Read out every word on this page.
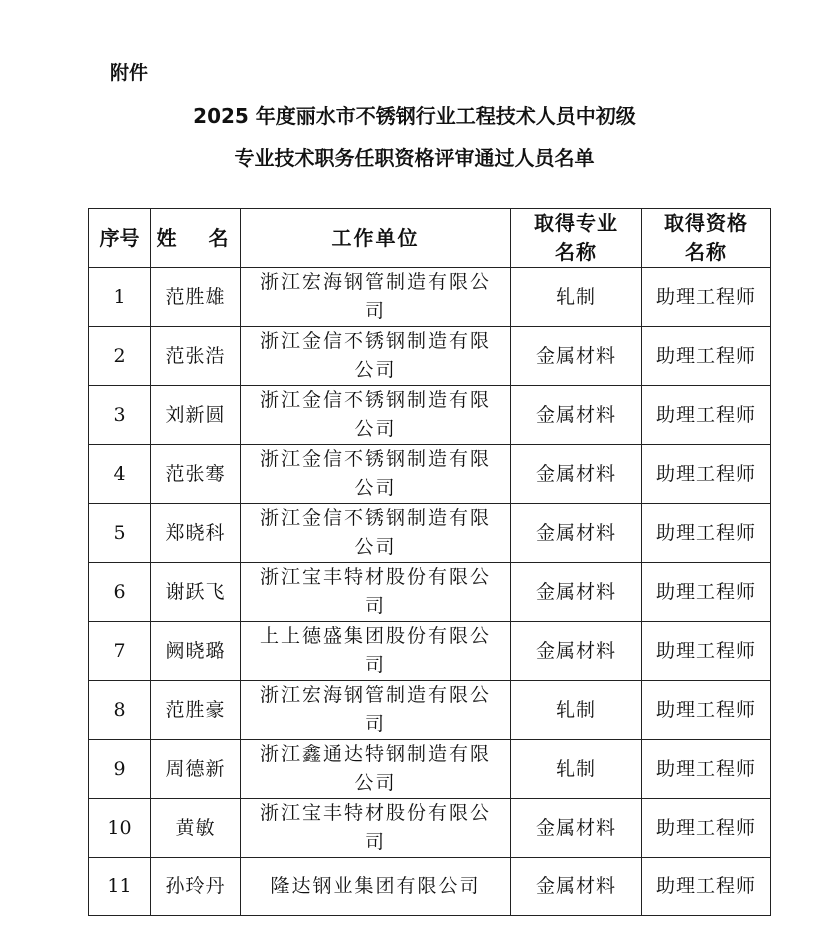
附件
2025 年度丽水市不锈钢行业工程技术人员中初级
专业技术职务任职资格评审通过人员名单
序号	姓  名	工作单位	取得专业名称	取得资格名称

1	范胜雄	浙江宏海钢管制造有限公司	轧制	助理工程师
2	范张浩	浙江金信不锈钢制造有限公司	金属材料	助理工程师
3	刘新圆	浙江金信不锈钢制造有限公司	金属材料	助理工程师
4	范张骞	浙江金信不锈钢制造有限公司	金属材料	助理工程师
5	郑晓科	浙江金信不锈钢制造有限公司	金属材料	助理工程师
6	谢跃飞	浙江宝丰特材股份有限公司	金属材料	助理工程师
7	阙晓璐	上上德盛集团股份有限公司	金属材料	助理工程师
8	范胜豪	浙江宏海钢管制造有限公司	轧制	助理工程师
9	周德新	浙江鑫通达特钢制造有限公司	轧制	助理工程师
10	黄敏	浙江宝丰特材股份有限公司	金属材料	助理工程师
11	孙玲丹	隆达钢业集团有限公司	金属材料	助理工程师
